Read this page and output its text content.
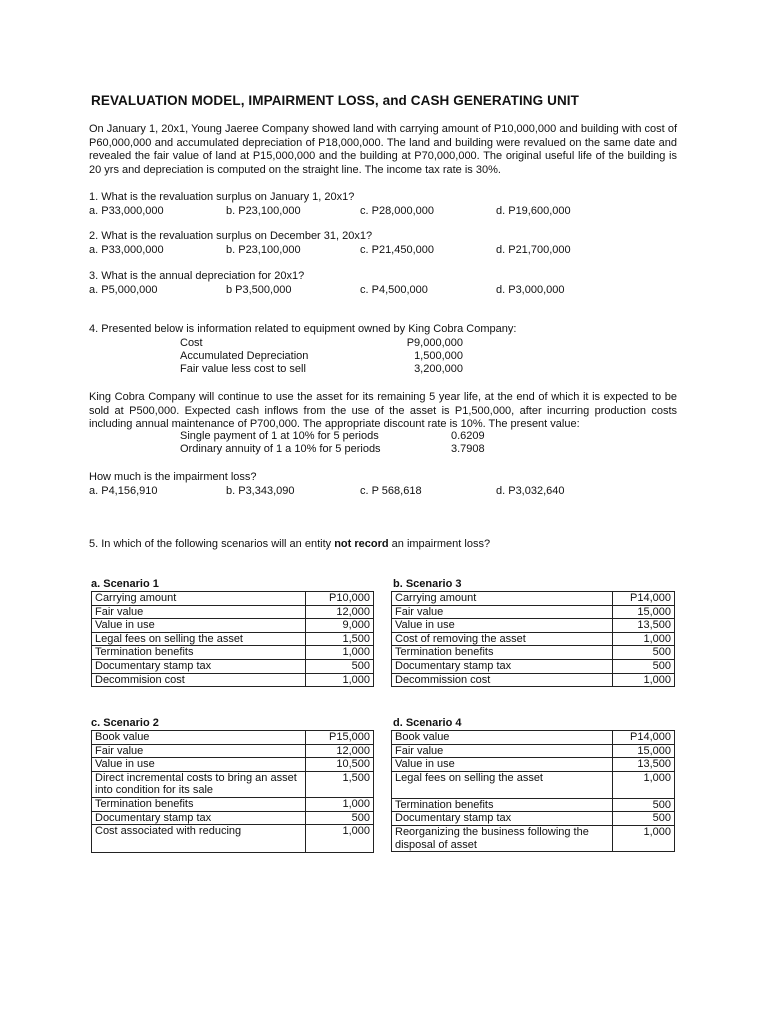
REVALUATION MODEL, IMPAIRMENT LOSS, and CASH GENERATING UNIT

On January 1, 20x1, Young Jaeree Company showed land with carrying amount of P10,000,000 and building with cost of P60,000,000 and accumulated depreciation of P18,000,000. The land and building were revalued on the same date and revealed the fair value of land at P15,000,000 and the building at P70,000,000. The original useful life of the building is 20 yrs and depreciation is computed on the straight line. The income tax rate is 30%.

1. What is the revaluation surplus on January 1, 20x1?
a. P33,000,000	b. P23,100,000	c. P28,000,000	d. P19,600,000
2. What is the revaluation surplus on December 31, 20x1?
a. P33,000,000	b. P23,100,000	c. P21,450,000	d. P21,700,000
3. What is the annual depreciation for 20x1?
a. P5,000,000	b P3,500,000	c. P4,500,000	d. P3,000,000
4. Presented below is information related to equipment owned by King Cobra Company:
Cost	P9,000,000
Accumulated Depreciation	1,500,000
Fair value less cost to sell	3,200,000

King Cobra Company will continue to use the asset for its remaining 5 year life, at the end of which it is expected to be sold at P500,000. Expected cash inflows from the use of the asset is P1,500,000, after incurring production costs including annual maintenance of P700,000. The appropriate discount rate is 10%. The present value:

Single payment of 1 at 10% for 5 periods	0.6209
Ordinary annuity of 1 a 10% for 5 periods	3.7908
How much is the impairment loss?
a. P4,156,910	b. P3,343,090	c. P 568,618	d. P3,032,640
5. In which of the following scenarios will an entity not record an impairment loss?
a. Scenario 1	b. Scenario 3
c. Scenario 2	d. Scenario 4
Carrying amount	P10,000
Fair value	12,000
Value in use	9,000
Legal fees on selling the asset	1,500
Termination benefits	1,000
Documentary stamp tax	500
Decommision cost	1,000
Carrying amount	P14,000
Fair value	15,000
Value in use	13,500
Cost of removing the asset	1,000
Termination benefits	500
Documentary stamp tax	500
Decommission cost	1,000
Book value	P15,000
Fair value	12,000
Value in use	10,500
Direct incremental costs to bring an asset into condition for its sale	1,500
Termination benefits	1,000
Documentary stamp tax	500
Cost associated with reducing	1,000
Book value	P14,000
Fair value	15,000
Value in use	13,500
Legal fees on selling the asset	1,000
Termination benefits	500
Documentary stamp tax	500
Reorganizing the business following the disposal of asset	1,000
